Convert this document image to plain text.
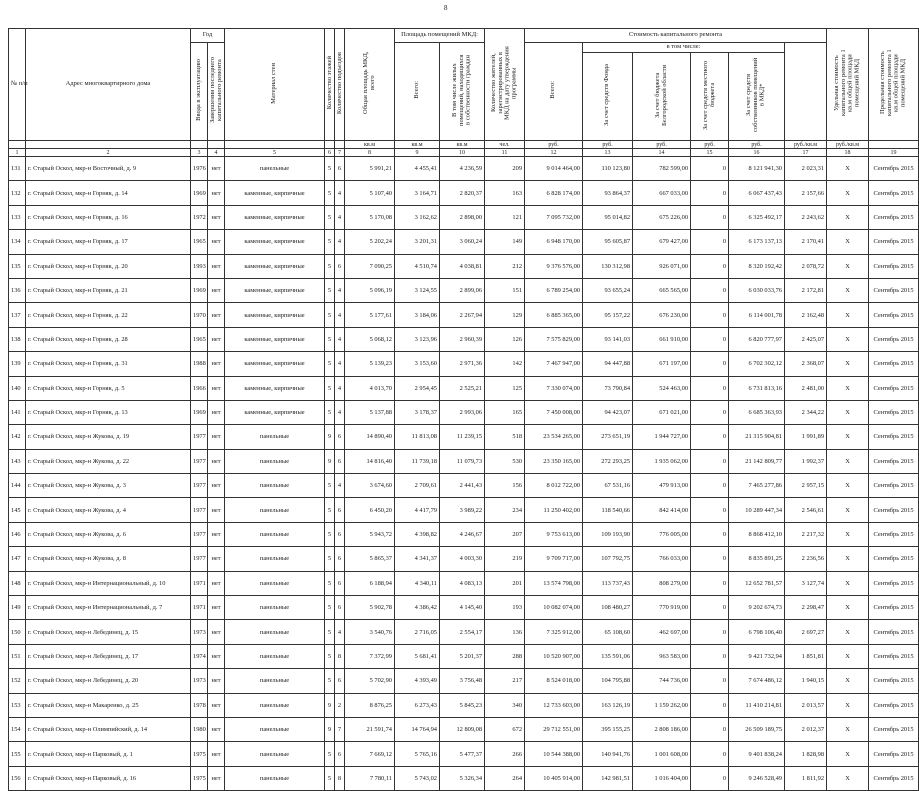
8
№ п/п	Адрес многоквартирного дома	Год		Материал стен	Количество этажей	Количество подъездов	Общая площадь МКД, всего	Площадь помещений МКД:		Количество жителей, зарегистрированных в МКД на дату утверждения программы	Стоимость капитального ремонта						Удельная стоимость капитального ремонта 1 кв.м общей площади помещений МКД	Предельная стоимость капитального ремонта 1 кв.м общей площади помещений МКД	
		Ввода в эксплуатацию	Завершения последнего капитального ремонта					Всего:	В том числе жилых помещений, находящихся в собственности граждан		Всего:	в том числе:							
												За счет средств Фонда	За счет бюджета Белгородской области	За счет средств местного бюджета	За счет средств собственников помещений в МКД*				
							кв.м	кв.м	кв.м	чел.	руб.	руб.	руб.	руб.	руб.	руб./кв.м	руб./кв.м		
1	2	3	4	5	6	7	8	9	10	11	12	13	14	15	16	17	18	19	
131	г. Старый Оскол, мкр-н Восточный, д. 9	1976	нет	панельные	5	6	5 991,21	4 455,41	4 236,59	209	9 014 464,00	110 123,80	782 599,00	0	8 121 941,30	2 023,31	X	Сентябрь 2015	
132	г. Старый Оскол, мкр-н Горняк, д. 14	1969	нет	каменные, кирпичные	5	4	5 107,40	3 164,71	2 820,37	163	6 828 174,00	93 864,37	667 033,00	0	6 067 437,43	2 157,66	X	Сентябрь 2015	
133	г. Старый Оскол, мкр-н Горняк, д. 16	1972	нет	каменные, кирпичные	5	4	5 170,08	3 162,62	2 898,00	121	7 095 732,00	95 014,82	675 226,00	0	6 325 492,17	2 243,62	X	Сентябрь 2015	
134	г. Старый Оскол, мкр-н Горняк, д. 17	1965	нет	каменные, кирпичные	5	4	5 202,24	3 201,31	3 060,24	149	6 948 170,00	95 605,87	679 427,00	0	6 173 137,13	2 170,41	X	Сентябрь 2015	
135	г. Старый Оскол, мкр-н Горняк, д. 20	1993	нет	каменные, кирпичные	5	6	7 090,25	4 510,74	4 038,81	212	9 376 576,00	130 312,98	926 071,00	0	8 320 192,42	2 078,72	X	Сентябрь 2015	
136	г. Старый Оскол, мкр-н Горняк, д. 21	1969	нет	каменные, кирпичные	5	4	5 096,19	3 124,55	2 899,06	151	6 789 254,00	93 655,24	665 565,00	0	6 030 033,76	2 172,81	X	Сентябрь 2015	
137	г. Старый Оскол, мкр-н Горняк, д. 22	1970	нет	каменные, кирпичные	5	4	5 177,61	3 184,06	2 267,94	129	6 885 365,00	95 157,22	676 230,00	0	6 114 001,78	2 162,48	X	Сентябрь 2015	
138	г. Старый Оскол, мкр-н Горняк, д. 28	1965	нет	каменные, кирпичные	5	4	5 068,12	3 123,96	2 960,39	126	7 575 829,00	93 141,03	661 910,00	0	6 820 777,97	2 425,07	X	Сентябрь 2015	
139	г. Старый Оскол, мкр-н Горняк, д. 31	1988	нет	каменные, кирпичные	5	4	5 139,23	3 153,60	2 971,36	142	7 467 947,00	94 447,88	671 197,00	0	6 702 302,12	2 368,07	X	Сентябрь 2015	
140	г. Старый Оскол, мкр-н Горняк, д. 5	1966	нет	каменные, кирпичные	5	4	4 013,70	2 954,45	2 525,21	125	7 330 074,00	73 790,84	524 463,00	0	6 731 813,16	2 481,00	X	Сентябрь 2015	
141	г. Старый Оскол, мкр-н Горняк, д. 13	1969	нет	каменные, кирпичные	5	4	5 137,88	3 178,37	2 993,06	165	7 450 008,00	94 423,07	671 021,00	0	6 685 363,93	2 344,22	X	Сентябрь 2015	
142	г. Старый Оскол, мкр-н Жукова, д. 19	1977	нет	панельные	9	6	14 890,40	11 813,08	11 239,15	518	23 534 265,00	273 651,19	1 944 727,00	0	21 315 904,81	1 991,89	X	Сентябрь 2015	
143	г. Старый Оскол, мкр-н Жукова, д. 22	1977	нет	панельные	9	6	14 816,40	11 739,18	11 079,73	530	23 350 165,00	272 293,25	1 935 062,00	0	21 142 809,77	1 992,37	X	Сентябрь 2015	
144	г. Старый Оскол, мкр-н Жукова, д. 3	1977	нет	панельные	5	4	3 674,60	2 709,61	2 441,43	156	8 012 722,00	67 531,16	479 913,00	0	7 465 277,86	2 957,15	X	Сентябрь 2015	
145	г. Старый Оскол, мкр-н Жукова, д. 4	1977	нет	панельные	5	6	6 450,20	4 417,79	3 989,22	234	11 250 402,00	118 540,66	842 414,00	0	10 289 447,34	2 546,61	X	Сентябрь 2015	
146	г. Старый Оскол, мкр-н Жукова, д. 6	1977	нет	панельные	5	6	5 943,72	4 398,82	4 246,67	207	9 753 613,00	109 193,90	776 005,00	0	8 868 412,10	2 217,32	X	Сентябрь 2015	
147	г. Старый Оскол, мкр-н Жукова, д. 8	1977	нет	панельные	5	6	5 865,37	4 341,37	4 003,30	219	9 709 717,00	107 792,75	766 033,00	0	8 835 891,25	2 236,56	X	Сентябрь 2015	
148	г. Старый Оскол, мкр-н Интернациональный, д. 10	1971	нет	панельные	5	6	6 188,94	4 340,11	4 083,13	201	13 574 798,00	113 737,43	808 279,00	0	12 652 781,57	3 127,74	X	Сентябрь 2015	
149	г. Старый Оскол, мкр-н Интернациональный, д. 7	1971	нет	панельные	5	6	5 902,78	4 386,42	4 145,40	193	10 082 074,00	108 480,27	770 919,00	0	9 202 674,73	2 298,47	X	Сентябрь 2015	
150	г. Старый Оскол, мкр-н Лебединец, д. 15	1973	нет	панельные	5	4	3 540,76	2 716,05	2 554,17	136	7 325 912,00	65 108,60	462 697,00	0	6 798 106,40	2 697,27	X	Сентябрь 2015	
151	г. Старый Оскол, мкр-н Лебединец, д. 17	1974	нет	панельные	5	8	7 372,99	5 681,41	5 201,37	288	10 520 907,00	135 591,06	963 583,00	0	9 421 732,94	1 851,81	X	Сентябрь 2015	
152	г. Старый Оскол, мкр-н Лебединец, д. 20	1973	нет	панельные	5	6	5 702,90	4 393,49	3 756,48	217	8 524 018,00	104 795,88	744 736,00	0	7 674 486,12	1 940,15	X	Сентябрь 2015	
153	г. Старый Оскол, мкр-н Макаренко, д. 25	1978	нет	панельные	9	2	8 876,25	6 273,43	5 845,23	340	12 733 603,00	163 126,19	1 159 262,00	0	11 410 214,81	2 013,57	X	Сентябрь 2015	
154	г. Старый Оскол, мкр-н Олимпийский, д. 14	1980	нет	панельные	9	7	21 591,74	14 764,94	12 809,08	672	29 712 551,00	395 155,25	2 808 186,00	0	26 509 189,75	2 012,37	X	Сентябрь 2015	
155	г. Старый Оскол, мкр-н Парковый, д. 1	1975	нет	панельные	5	6	7 669,12	5 765,16	5 477,37	266	10 544 388,00	140 941,76	1 001 608,00	0	9 401 838,24	1 828,98	X	Сентябрь 2015	
156	г. Старый Оскол, мкр-н Парковый, д. 16	1975	нет	панельные	5	8	7 780,11	5 743,02	5 326,34	264	10 405 914,00	142 981,51	1 016 404,00	0	9 246 528,49	1 811,92	X	Сентябрь 2015	
